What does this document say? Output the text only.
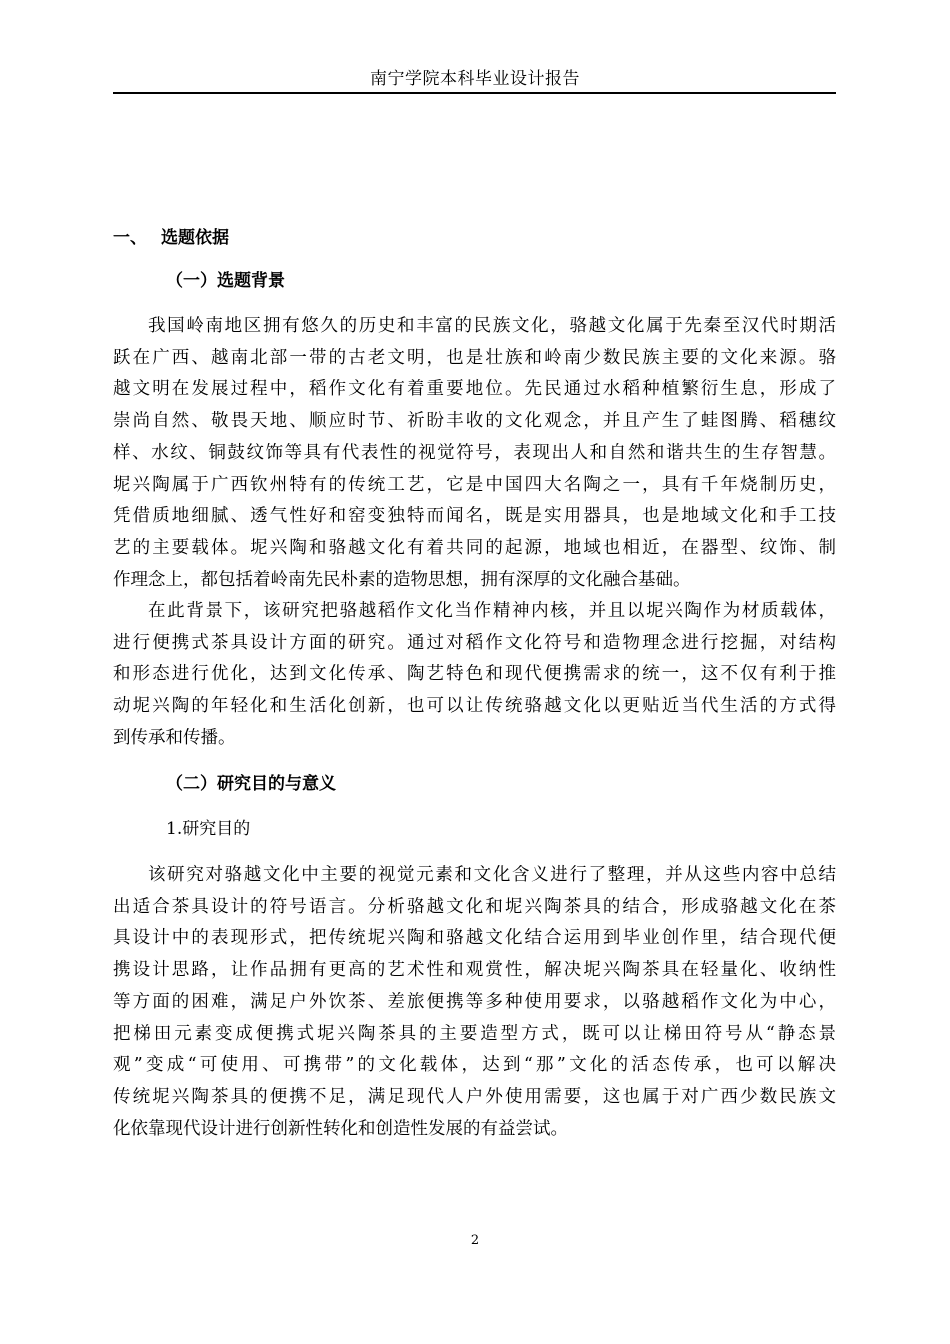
南宁学院本科毕业设计报告
一、 选题依据
（一）选题背景
我国岭南地区拥有悠久的历史和丰富的民族文化，骆越文化属于先秦至汉代时期活
跃在广西、越南北部一带的古老文明，也是壮族和岭南少数民族主要的文化来源。骆
越文明在发展过程中，稻作文化有着重要地位。先民通过水稻种植繁衍生息，形成了
崇尚自然、敬畏天地、顺应时节、祈盼丰收的文化观念，并且产生了蛙图腾、稻穗纹
样、水纹、铜鼓纹饰等具有代表性的视觉符号，表现出人和自然和谐共生的生存智慧。
坭兴陶属于广西钦州特有的传统工艺，它是中国四大名陶之一，具有千年烧制历史，
凭借质地细腻、透气性好和窑变独特而闻名，既是实用器具，也是地域文化和手工技
艺的主要载体。坭兴陶和骆越文化有着共同的起源，地域也相近，在器型、纹饰、制
作理念上，都包括着岭南先民朴素的造物思想，拥有深厚的文化融合基础。
在此背景下，该研究把骆越稻作文化当作精神内核，并且以坭兴陶作为材质载体，
进行便携式茶具设计方面的研究。通过对稻作文化符号和造物理念进行挖掘，对结构
和形态进行优化，达到文化传承、陶艺特色和现代便携需求的统一，这不仅有利于推
动坭兴陶的年轻化和生活化创新，也可以让传统骆越文化以更贴近当代生活的方式得
到传承和传播。
（二）研究目的与意义
1.研究目的
该研究对骆越文化中主要的视觉元素和文化含义进行了整理，并从这些内容中总结
出适合茶具设计的符号语言。分析骆越文化和坭兴陶茶具的结合，形成骆越文化在茶
具设计中的表现形式，把传统坭兴陶和骆越文化结合运用到毕业创作里，结合现代便
携设计思路，让作品拥有更高的艺术性和观赏性，解决坭兴陶茶具在轻量化、收纳性
等方面的困难，满足户外饮茶、差旅便携等多种使用要求，以骆越稻作文化为中心，
把梯田元素变成便携式坭兴陶茶具的主要造型方式，既可以让梯田符号从“静态景
观”变成“可使用、可携带”的文化载体，达到“那”文化的活态传承，也可以解决
传统坭兴陶茶具的便携不足，满足现代人户外使用需要，这也属于对广西少数民族文
化依靠现代设计进行创新性转化和创造性发展的有益尝试。
2
